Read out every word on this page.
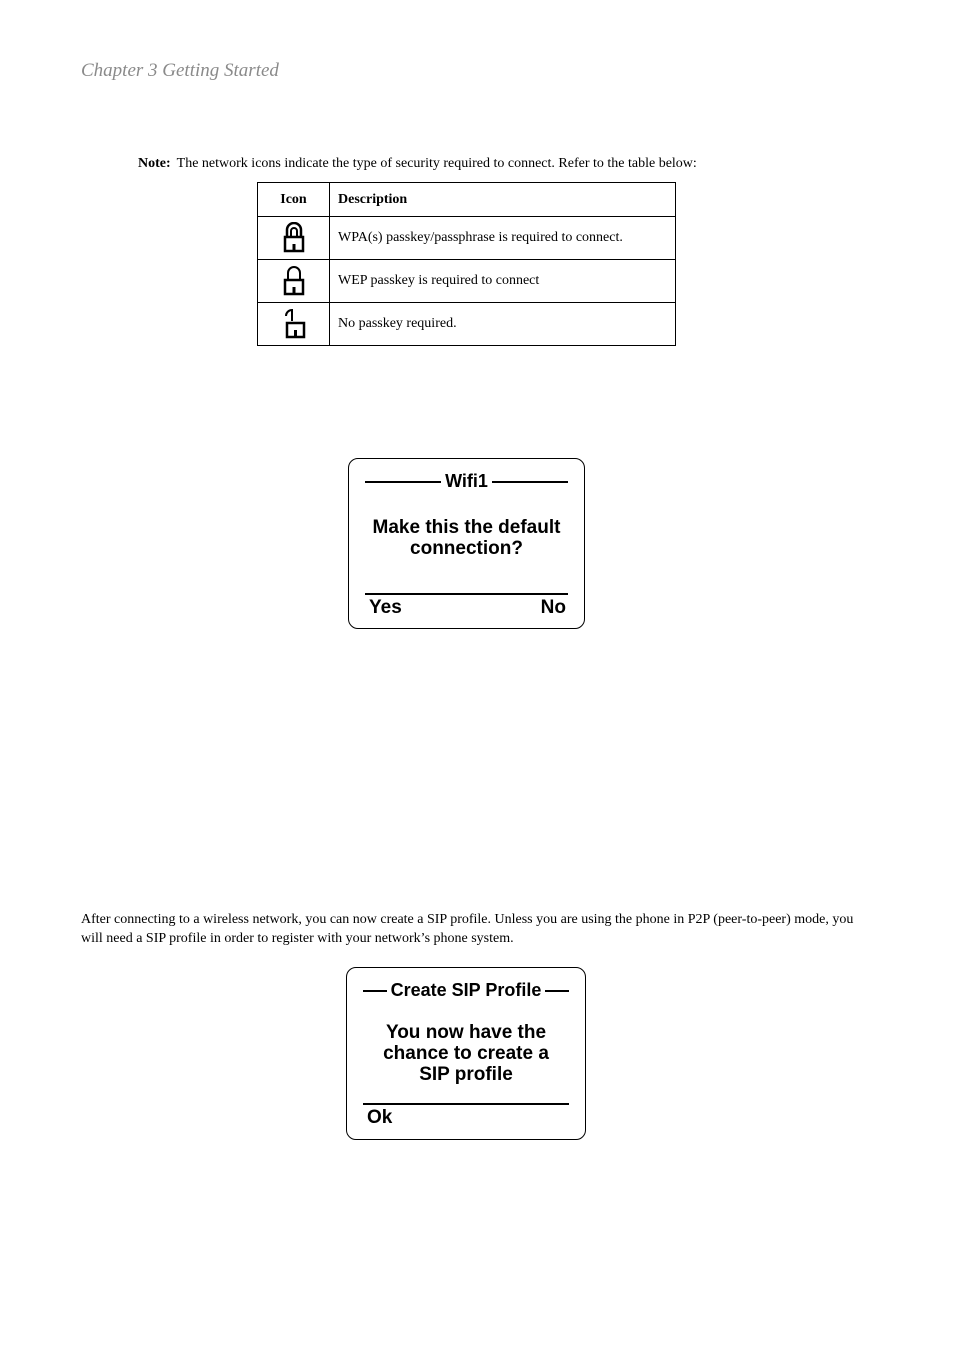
Chapter 3 Getting Started
Note: The network icons indicate the type of security required to connect. Refer to the table below:
Icon	Description

	WPA(s) passkey/passphrase is required to connect.

	WEP passkey is required to connect

	No passkey required.
Wifi1
Make this the default
connection?
Yes	No
After connecting to a wireless network, you can now create a SIP profile. Unless you are using the phone in P2P (peer-to-peer) mode, you will need a SIP profile in order to register with your network’s phone system.
Create SIP Profile
You now have the
chance to create a
SIP profile
Ok
